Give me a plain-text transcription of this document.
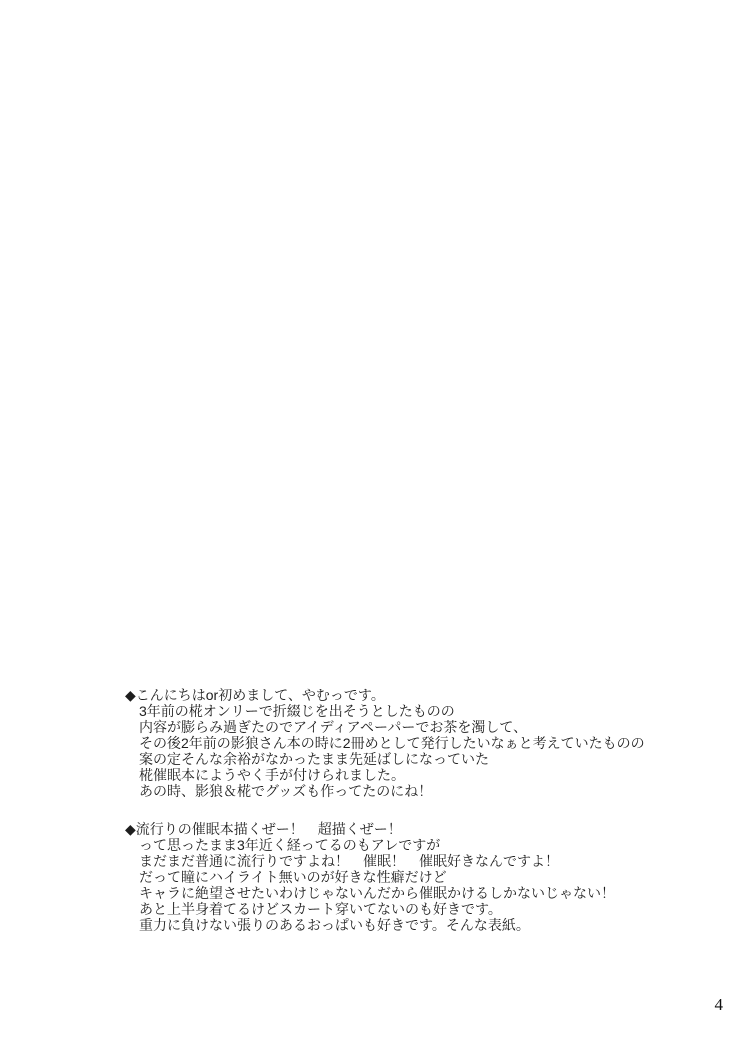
◆こんにちはor初めまして、やむっです。
3年前の椛オンリーで折綴じを出そうとしたものの
内容が膨らみ過ぎたのでアイディアペーパーでお茶を濁して、
その後2年前の影狼さん本の時に2冊めとして発行したいなぁと考えていたものの
案の定そんな余裕がなかったまま先延ばしになっていた
椛催眠本にようやく手が付けられました。
あの時、影狼＆椛でグッズも作ってたのにね！
◆流行りの催眠本描くぜー！　超描くぜー！
って思ったまま3年近く経ってるのもアレですが
まだまだ普通に流行りですよね！　催眠！　催眠好きなんですよ！
だって瞳にハイライト無いのが好きな性癖だけど
キャラに絶望させたいわけじゃないんだから催眠かけるしかないじゃない！
あと上半身着てるけどスカート穿いてないのも好きです。
重力に負けない張りのあるおっぱいも好きです。そんな表紙。
4
